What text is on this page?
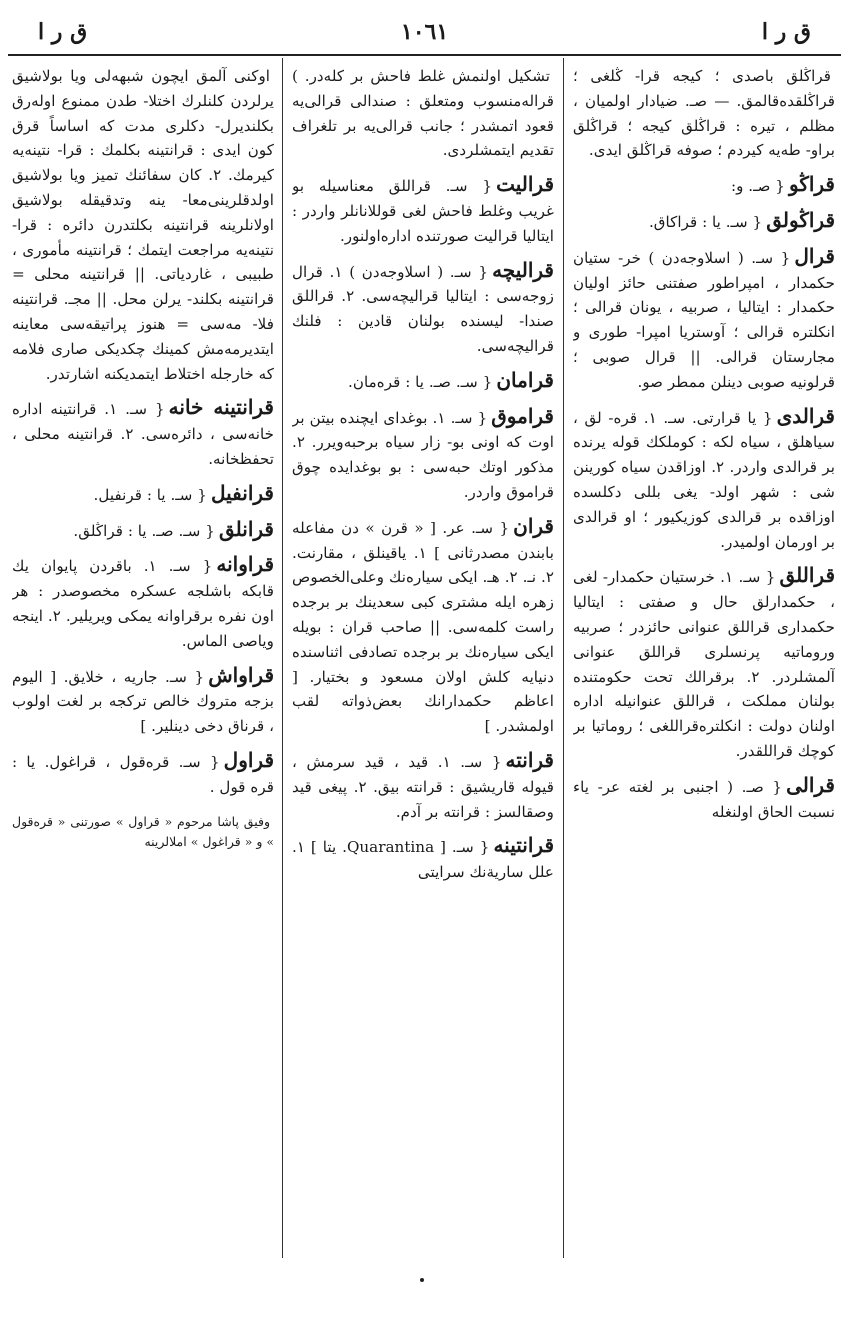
ق ر ا
١٠٦١
ق ر ا
قراڭلق باصدى ؛ كيجه قرا- ڭلغى ؛ قراڭلقده‌قالمق. — صـ. ضيادار اولميان ، مظلم ، تيره : قراڭلق كيجه ؛ قراڭلق براو- طه‌يه كيردم ؛ صوفه قراڭلق ايدى.
قراڭو{ صـ. و:
قراڭولق{ سـ. يا : قراكاق.
قرال{ سـ. ( اسلاوجه‌دن ) خر- ستيان حكمدار ، امپراطور صفتنى حائز اوليان حكمدار : ايتاليا ، صربيه ، يونان قرالى ؛ انكلتره قرالى ؛ آوستريا امپرا- طورى و مجارستان قرالى. || قرال صوبى ؛ قرلونيه صوبى دينلن ممطر صو.
قرالدى{ يا قرارتى. سـ. ١. قره- لق ، سياهلق ، سياه لكه : كوملكك قوله يرنده بر قرالدى واردر. ٢. اوزاقدن سياه كورينن شى : شهر اولد- يغى بللى دكلسده اوزاقده بر قرالدى كوزيكيور ؛ او قرالدى بر اورمان اولميدر.
قراللق{ سـ. ١. خرستيان حكمدار- لغى ، حكمدارلق حال و صفتى : ايتاليا حكمدارى قراللق عنوانى حائزدر ؛ صربيه وروماتيه پرنسلرى قراللق عنوانى آلمشلردر. ٢. برقرالك تحت حكومتنده بولنان مملكت ، قراللق عنوانيله اداره اولنان دولت : انكلتره‌قراللغى ؛ روماتيا بر كوچك قراللقدر.
قرالى{ صـ. ( اجنبى بر لغته عر- ياء نسبت الحاق اولنغله
تشكيل اولنمش غلط فاحش بر كله‌در. ) قراله‌منسوب ومتعلق : صندالى قرالى‌يه قعود اتمشدر ؛ جانب قرالى‌يه بر تلغراف تقديم ايتمشلردى.
قراليت{ سـ. قراللق معناسيله بو غريب وغلط فاحش لغى قوللانانلر واردر : ايتاليا قراليت صورتنده اداره‌اولنور.
قراليچه{ سـ. ( اسلاوجه‌دن ) ١. قرال زوجه‌سى : ايتاليا قراليچه‌سى. ٢. قراللق صندا- ليسنده بولنان قادين : فلنك قراليچه‌سى.
قرامان{ سـ. صـ. يا : قره‌مان.
قراموق{ سـ. ١. بوغداى ايچنده بيتن بر اوت كه اونى بو- زار سياه برحبه‌ويرر. ٢. مذكور اوتك حبه‌سى : بو بوغدايده چوق قراموق واردر.
قران{ سـ. عر. [ « قرن » دن مفاعله بابندن مصدرثانى ] ١. ياقينلق ، مقارنت. ٢. نـ. ٢. هـ. ايكى سياره‌نك وعلى‌الخصوص زهره ايله مشترى كبى سعدينك بر برجده راست كلمه‌سى. || صاحب قران : بويله ايكى سياره‌نك بر برجده تصادفى اثناسنده دنيايه كلش اولان مسعود و بختيار. [ اعاظم حكمدارانك بعض‌ذواته لقب اولمشدر. ]
قرانته{ سـ. ١. قيد ، قيد سرمش ، قيوله قاريشيق : قرانته بيق. ٢. پيغى قيد وصقالسز : قرانته بر آدم.
قرانتينه{ سـ. [ Quarantina. يتا ] ١. علل سارية‌نك سرايتى
اوكنى آلمق ايچون شبهه‌لى ويا بولاشيق يرلردن كلنلرك اختلا- طدن ممنوع اوله‌رق بكلنديرل- دكلرى مدت كه اساساً قرق كون ايدى : قرانتينه بكلمك : قرا- نتينه‌يه كيرمك. ٢. كان سفائنك تميز ويا بولاشيق اولدقلرينى‌معا- ينه وتدقيقله بولاشيق اولانلرينه قرانتينه بكلتدرن دائره : قرا- نتينه‌يه مراجعت ايتمك ؛ قرانتينه مأمورى ، طبيبى ، غاردياتى. || قرانتينه محلى = قرانتينه بكلند- يرلن محل. || مجـ. قرانتينه فلا- مه‌سى = هنوز پراتيقه‌سى معاينه ايتديرمه‌مش كمينك چكديكى صارى فلامه كه خارجله اختلاط ايتمديكنه اشارتدر.
قرانتينه خانه{ سـ. ١. قرانتينه اداره خانه‌سى ، دائره‌سى. ٢. قرانتينه محلى ، تحفظخانه.
قرانفيل{ سـ. يا : قرنفيل.
قرانلق{ سـ. صـ. يا : قراڭلق.
قراوانه{ سـ. ١. باقردن پايوان يك قابكه باشلجه عسكره مخصوصدر : هر اون نفره برقراوانه يمكى ويريلير. ٢. اينجه وياصى الماس.
قراواش{ سـ. جاريه ، خلايق. [ اليوم بزجه متروك خالص تركجه بر لغت اولوب ، قرناق دخى دينلير. ]
قراول{ سـ. قره‌قول ، قراغول. يا : قره قول .
وفيق پاشا مرحوم « قراول » صورتنى « قره‌قول » و « قراغول » املالرينه
